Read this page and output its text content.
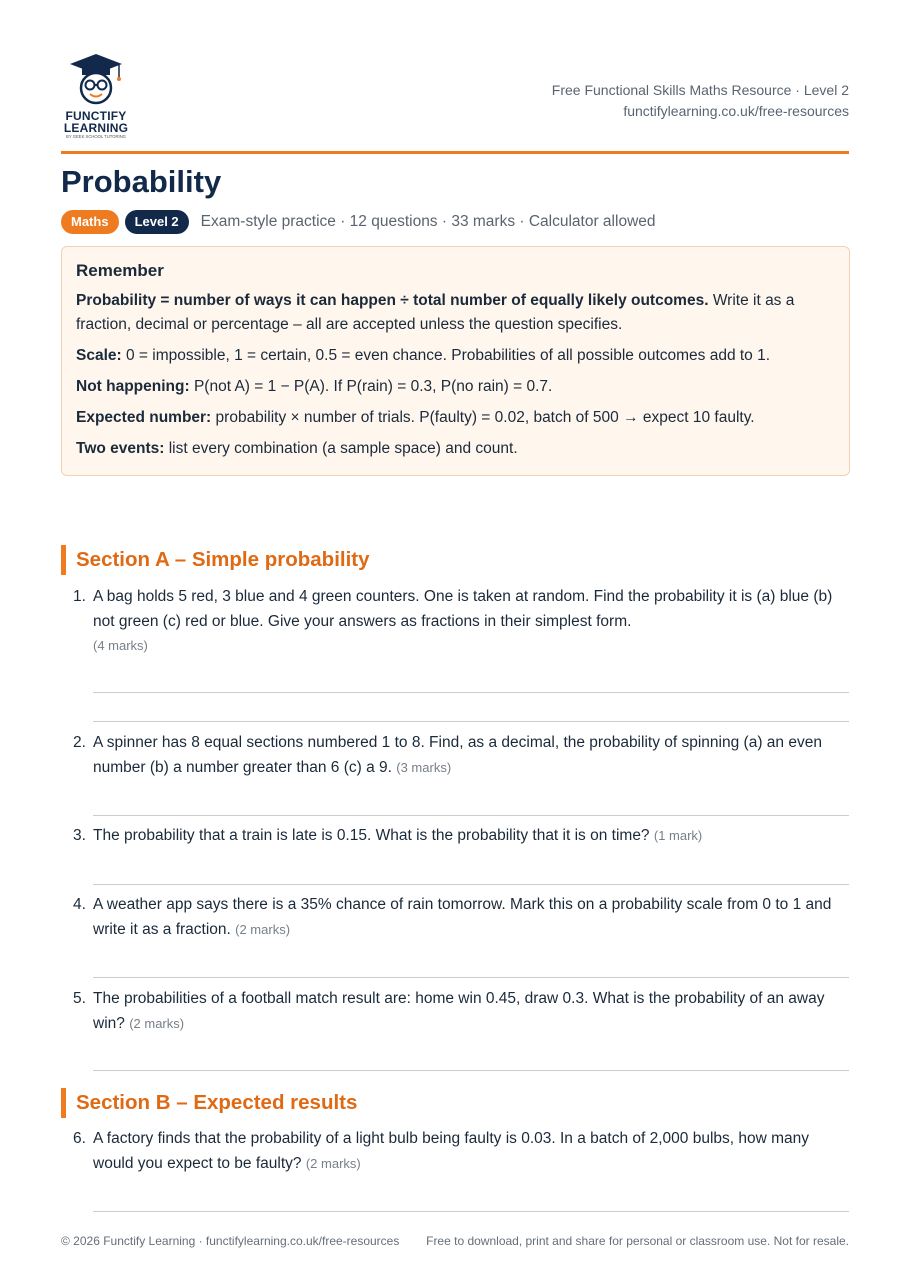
FUNCTIFY
LEARNING
BY GEEK SCHOOL TUTORING
Free Functional Skills Maths Resource · Level 2
functifylearning.co.uk/free-resources
Probability
Maths	Level 2	Exam-style practice · 12 questions · 33 marks · Calculator allowed
Remember

Probability = number of ways it can happen ÷ total number of equally likely outcomes. Write it as a fraction, decimal or percentage – all are accepted unless the question specifies.

Scale: 0 = impossible, 1 = certain, 0.5 = even chance. Probabilities of all possible outcomes add to 1.

Not happening: P(not A) = 1 − P(A). If P(rain) = 0.3, P(no rain) = 0.7.

Expected number: probability × number of trials. P(faulty) = 0.02, batch of 500 → expect 10 faulty.

Two events: list every combination (a sample space) and count.

Section A – Simple probability
1. A bag holds 5 red, 3 blue and 4 green counters. One is taken at random. Find the probability it is (a) blue (b) not green (c) red or blue. Give your answers as fractions in their simplest form.
(4 marks)
2. A spinner has 8 equal sections numbered 1 to 8. Find, as a decimal, the probability of spinning (a) an even number (b) a number greater than 6 (c) a 9. (3 marks)
3. The probability that a train is late is 0.15. What is the probability that it is on time? (1 mark)
4. A weather app says there is a 35% chance of rain tomorrow. Mark this on a probability scale from 0 to 1 and write it as a fraction. (2 marks)
5. The probabilities of a football match result are: home win 0.45, draw 0.3. What is the probability of an away win? (2 marks)
Section B – Expected results
6. A factory finds that the probability of a light bulb being faulty is 0.03. In a batch of 2,000 bulbs, how many would you expect to be faulty? (2 marks)
© 2026 Functify Learning · functifylearning.co.uk/free-resources	Free to download, print and share for personal or classroom use. Not for resale.
